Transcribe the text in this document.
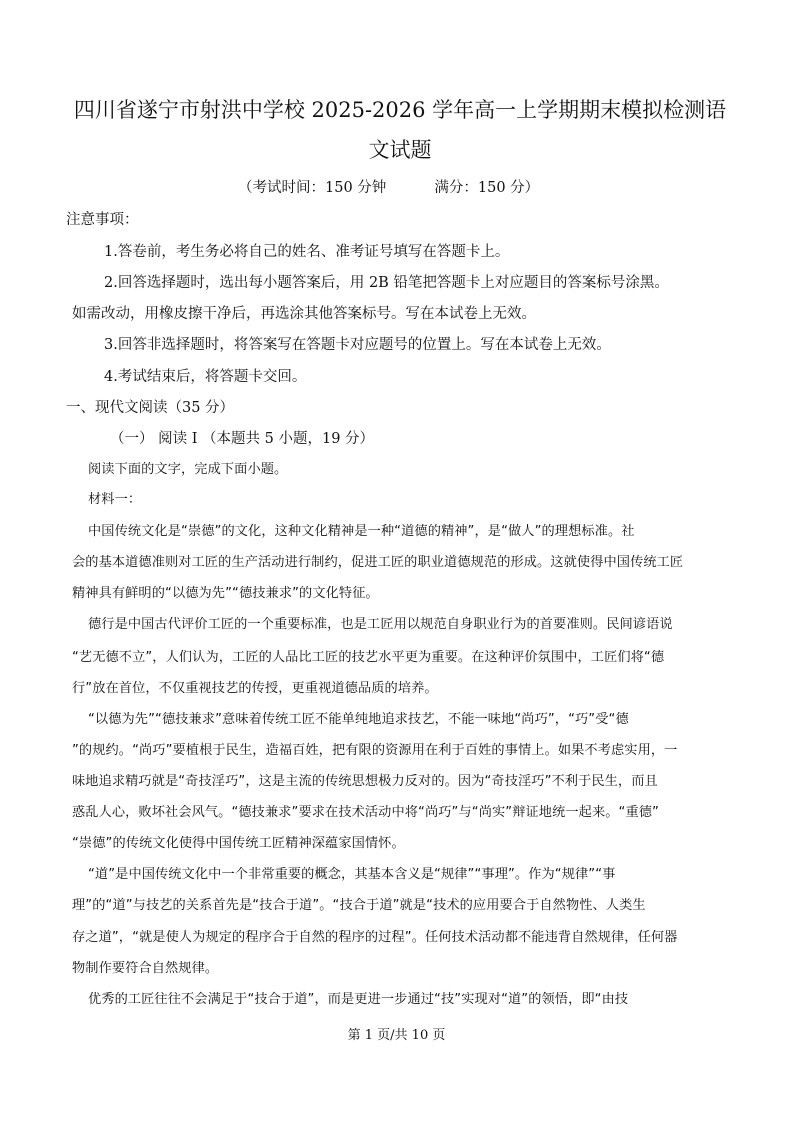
四川省遂宁市射洪中学校 2025-2026 学年高一上学期期末模拟检测语
文试题
（考试时间：150 分钟 　　　满分：150 分）
注意事项：
1.答卷前，考生务必将自己的姓名、准考证号填写在答题卡上。
2.回答选择题时，选出每小题答案后，用 2B 铅笔把答题卡上对应题目的答案标号涂黑。
如需改动，用橡皮擦干净后，再选涂其他答案标号。写在本试卷上无效。
3.回答非选择题时，将答案写在答题卡对应题号的位置上。写在本试卷上无效。
4.考试结束后，将答题卡交回。
一、现代文阅读（35 分）
（一） 阅读 I （本题共 5 小题，19 分）
阅读下面的文字，完成下面小题。
材料一：
中国传统文化是“崇德”的文化，这种文化精神是一种“道德的精神”，是“做人”的理想标准。社
会的基本道德准则对工匠的生产活动进行制约，促进工匠的职业道德规范的形成。这就使得中国传统工匠
精神具有鲜明的“以德为先”“德技兼求”的文化特征。
德行是中国古代评价工匠的一个重要标准，也是工匠用以规范自身职业行为的首要准则。民间谚语说
“艺无德不立”，人们认为，工匠的人品比工匠的技艺水平更为重要。在这种评价氛围中，工匠们将“德
行”放在首位，不仅重视技艺的传授，更重视道德品质的培养。
“以德为先”“德技兼求”意味着传统工匠不能单纯地追求技艺，不能一味地“尚巧”，“巧”受“德
”的规约。“尚巧”要植根于民生，造福百姓，把有限的资源用在利于百姓的事情上。如果不考虑实用，一
味地追求精巧就是“奇技淫巧”，这是主流的传统思想极力反对的。因为“奇技淫巧”不利于民生，而且
惑乱人心，败坏社会风气。“德技兼求”要求在技术活动中将“尚巧”与“尚实”辩证地统一起来。“重德”
“崇德”的传统文化使得中国传统工匠精神深蕴家国情怀。
“道”是中国传统文化中一个非常重要的概念，其基本含义是“规律”“事理”。作为“规律”“事
理”的“道”与技艺的关系首先是“技合于道”。“技合于道”就是“技术的应用要合于自然物性、人类生
存之道”，“就是使人为规定的程序合于自然的程序的过程”。任何技术活动都不能违背自然规律，任何器
物制作要符合自然规律。
优秀的工匠往往不会满足于“技合于道”，而是更进一步通过“技”实现对“道”的领悟，即“由技
第 1 页/共 10 页
